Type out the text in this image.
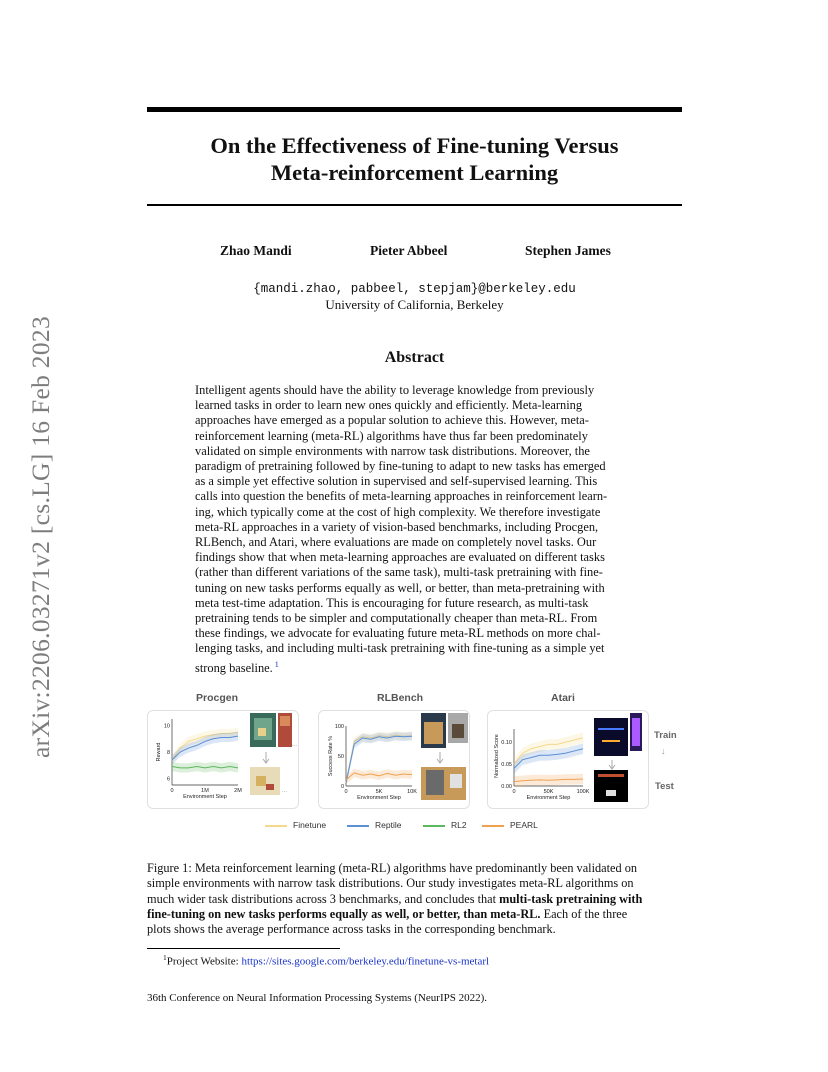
arXiv:2206.03271v2 [cs.LG] 16 Feb 2023
On the Effectiveness of Fine-tuning Versus
Meta-reinforcement Learning
Zhao Mandi	Pieter Abbeel	Stephen James
{mandi.zhao, pabbeel, stepjam}@berkeley.edu
University of California, Berkeley
Abstract
Intelligent agents should have the ability to leverage knowledge from previously
learned tasks in order to learn new ones quickly and efficiently. Meta-learning
approaches have emerged as a popular solution to achieve this. However, meta-
reinforcement learning (meta-RL) algorithms have thus far been predominately
validated on simple environments with narrow task distributions. Moreover, the
paradigm of pretraining followed by fine-tuning to adapt to new tasks has emerged
as a simple yet effective solution in supervised and self-supervised learning. This
calls into question the benefits of meta-learning approaches in reinforcement learn-
ing, which typically come at the cost of high complexity. We therefore investigate
meta-RL approaches in a variety of vision-based benchmarks, including Procgen,
RLBench, and Atari, where evaluations are made on completely novel tasks. Our
findings show that when meta-learning approaches are evaluated on different tasks
(rather than different variations of the same task), multi-task pretraining with fine-
tuning on new tasks performs equally as well, or better, than meta-pretraining with
meta test-time adaptation. This is encouraging for future research, as multi-task
pretraining tends to be simpler and computationally cheaper than meta-RL. From
these findings, we advocate for evaluating future meta-RL methods on more chal-
lenging tasks, and including multi-task pretraining with fine-tuning as a simple yet
strong baseline. $^1$
Procgen	RLBench	Atari
...
...
0	1M	2M
6
8
10
Environment Step
Reward
0	5K	10K
0
50
100
Environment Step
Success Rate %
0	50K	100K
0.00
0.05
0.10
Environment Step
Normalized Score	Train
↓
Test
Finetune	Reptile	RL2	PEARL
Figure 1: Meta reinforcement learning (meta-RL) algorithms have predominantly been validated on
simple environments with narrow task distributions. Our study investigates meta-RL algorithms on
much wider task distributions across 3 benchmarks, and concludes that multi-task pretraining with
fine-tuning on new tasks performs equally as well, or better, than meta-RL. Each of the three
plots shows the average performance across tasks in the corresponding benchmark.
$^1$Project Website: https://sites.google.com/berkeley.edu/finetune-vs-metarl
36th Conference on Neural Information Processing Systems (NeurIPS 2022).
